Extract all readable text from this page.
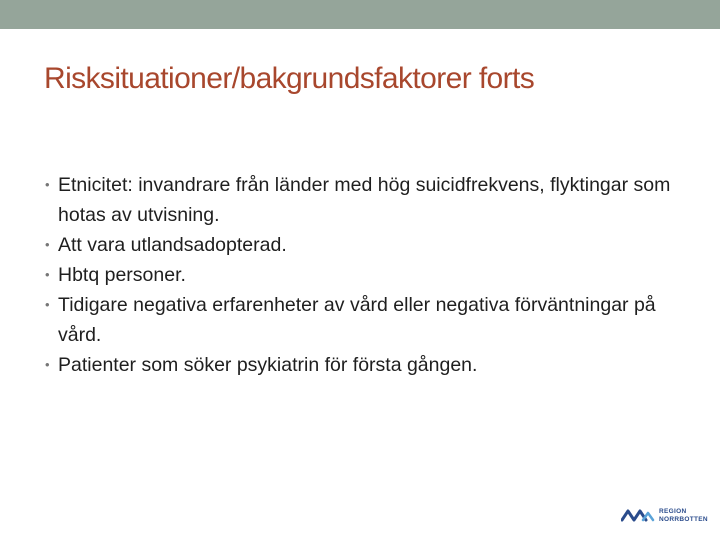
Risksituationer/bakgrundsfaktorer forts
• Etnicitet: invandrare från länder med hög suicidfrekvens, flyktingar som hotas av utvisning.
• Att vara utlandsadopterad.
• Hbtq personer.
• Tidigare negativa erfarenheter av vård eller negativa förväntningar på vård.
• Patienter som söker psykiatrin för första gången.
REGION
NORRBOTTEN
